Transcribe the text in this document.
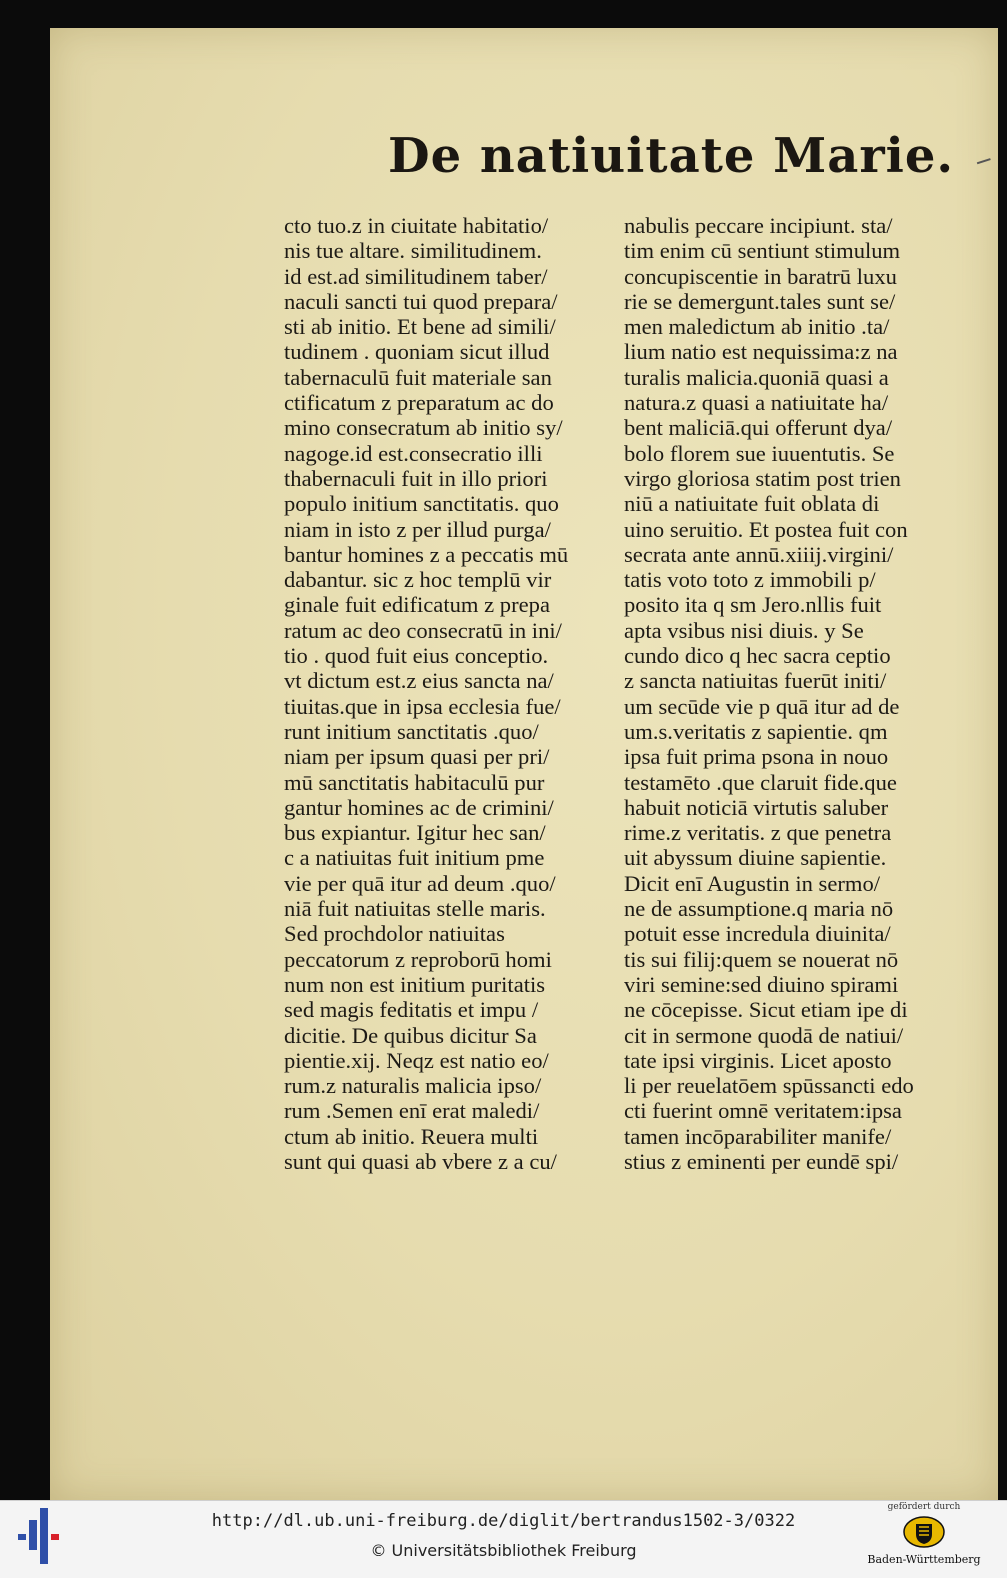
De natiuitate Marie.
cto tuo.z in ciuitate habitatio/
nis tue altare. similitudinem.
id est.ad similitudinem taber/
naculi sancti tui quod prepara/
sti ab initio. Et bene ad simili/
tudinem . quoniam sicut illud
tabernaculū fuit materiale san
ctificatum z preparatum ac do
mino consecratum ab initio sy/
nagoge.id est.consecratio illi
thabernaculi fuit in illo priori
populo initium sanctitatis. quo
niam in isto z per illud purga/
bantur homines z a peccatis mū
dabantur. sic z hoc templū vir
ginale fuit edificatum z prepa
ratum ac deo consecratū in ini/
tio . quod fuit eius conceptio.
vt dictum est.z eius sancta na/
tiuitas.que in ipsa ecclesia fue/
runt initium sanctitatis .quo/
niam per ipsum quasi per pri/
mū sanctitatis habitaculū pur
gantur homines ac de crimini/
bus expiantur. Igitur hec san/
c a natiuitas fuit initium pme
vie per quā itur ad deum .quo/
niā fuit natiuitas stelle maris.
Sed prochdolor natiuitas
peccatorum z reproborū homi
num non est initium puritatis
sed magis feditatis et impu /
dicitie. De quibus dicitur Sa
pientie.xij. Neqz est natio eo/
rum.z naturalis malicia ipso/
rum .Semen enī erat maledi/
ctum ab initio. Reuera multi
sunt qui quasi ab vbere z a cu/
nabulis peccare incipiunt. sta/
tim enim cū sentiunt stimulum
concupiscentie in baratrū luxu
rie se demergunt.tales sunt se/
men maledictum ab initio .ta/
lium natio est nequissima:z na
turalis malicia.quoniā quasi a
natura.z quasi a natiuitate ha/
bent maliciā.qui offerunt dya/
bolo florem sue iuuentutis. Se
virgo gloriosa statim post trien
niū a natiuitate fuit oblata di
uino seruitio. Et postea fuit con
secrata ante annū.xiiij.virgini/
tatis voto toto z immobili p/
posito ita q sm Jero.nllis fuit
apta vsibus nisi diuis. y Se
cundo dico q hec sacra ceptio
z sancta natiuitas fuerūt initi/
um secūde vie p quā itur ad de
um.s.veritatis z sapientie. qm
ipsa fuit prima psona in nouo
testamēto .que claruit fide.que
habuit noticiā virtutis saluber
rime.z veritatis. z que penetra
uit abyssum diuine sapientie.
Dicit enī Augustin in sermo/
ne de assumptione.q maria nō
potuit esse incredula diuinita/
tis sui filij:quem se nouerat nō
viri semine:sed diuino spirami
ne cōcepisse. Sicut etiam ipe di
cit in sermone quodā de natiui/
tate ipsi virginis. Licet aposto
li per reuelatōem spūssancti edo
cti fuerint omnē veritatem:ipsa
tamen incōparabiliter manife/
stius z eminenti per eundē spi/
http://dl.ub.uni-freiburg.de/diglit/bertrandus1502-3/0322
© Universitätsbibliothek Freiburg
gefördert durch
Baden-Württemberg
